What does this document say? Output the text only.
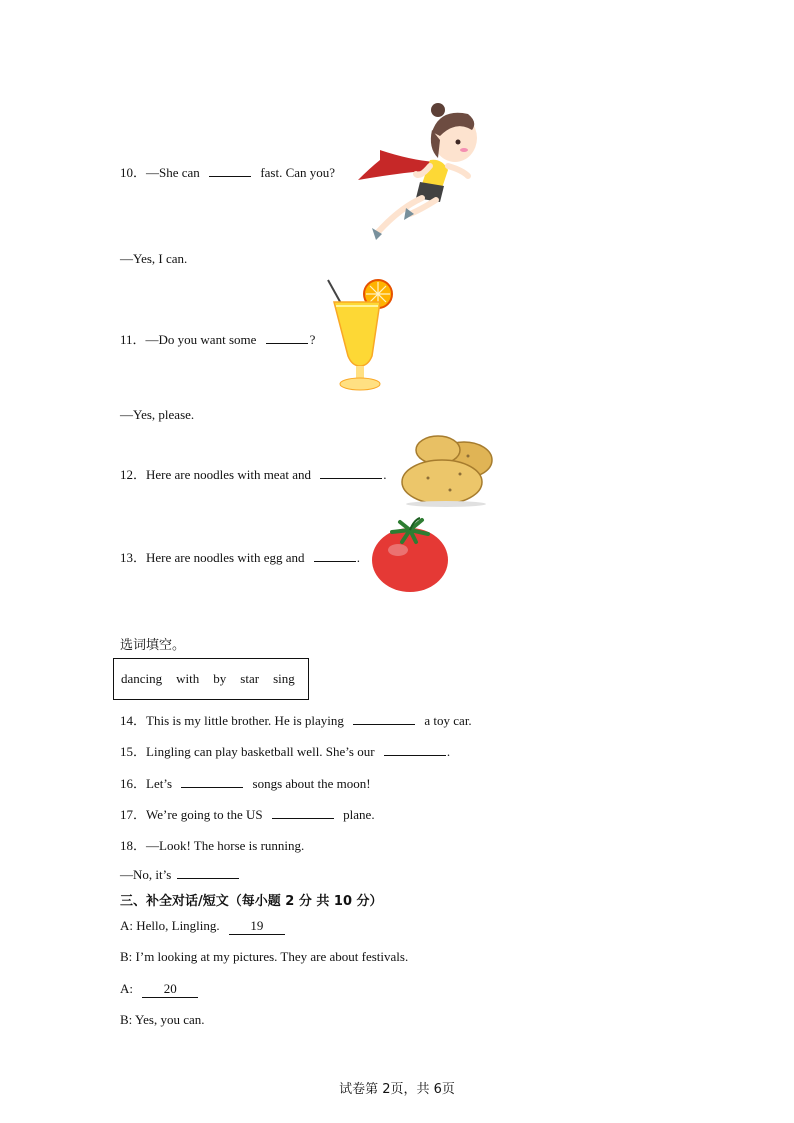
10．—She can	fast. Can you?
—Yes, I can.
11．—Do you want some	?
—Yes, please.
12．Here are noodles with meat and	.
13．Here are noodles with egg and	.
选词填空。
dancing with by star sing
14．This is my little brother. He is playing	a toy car.
15．Lingling can play basketball well. She’s our	.
16．Let’s	songs about the moon!
17．We’re going to the US	plane.
18．—Look! The horse is running.
—No, it’s
三、补全对话/短文（每小题 2 分 共 10 分）
A: Hello, Lingling. 19
B: I’m looking at my pictures. They are about festivals.
A: 20
B: Yes, you can.
试卷第 2页，共 6页
